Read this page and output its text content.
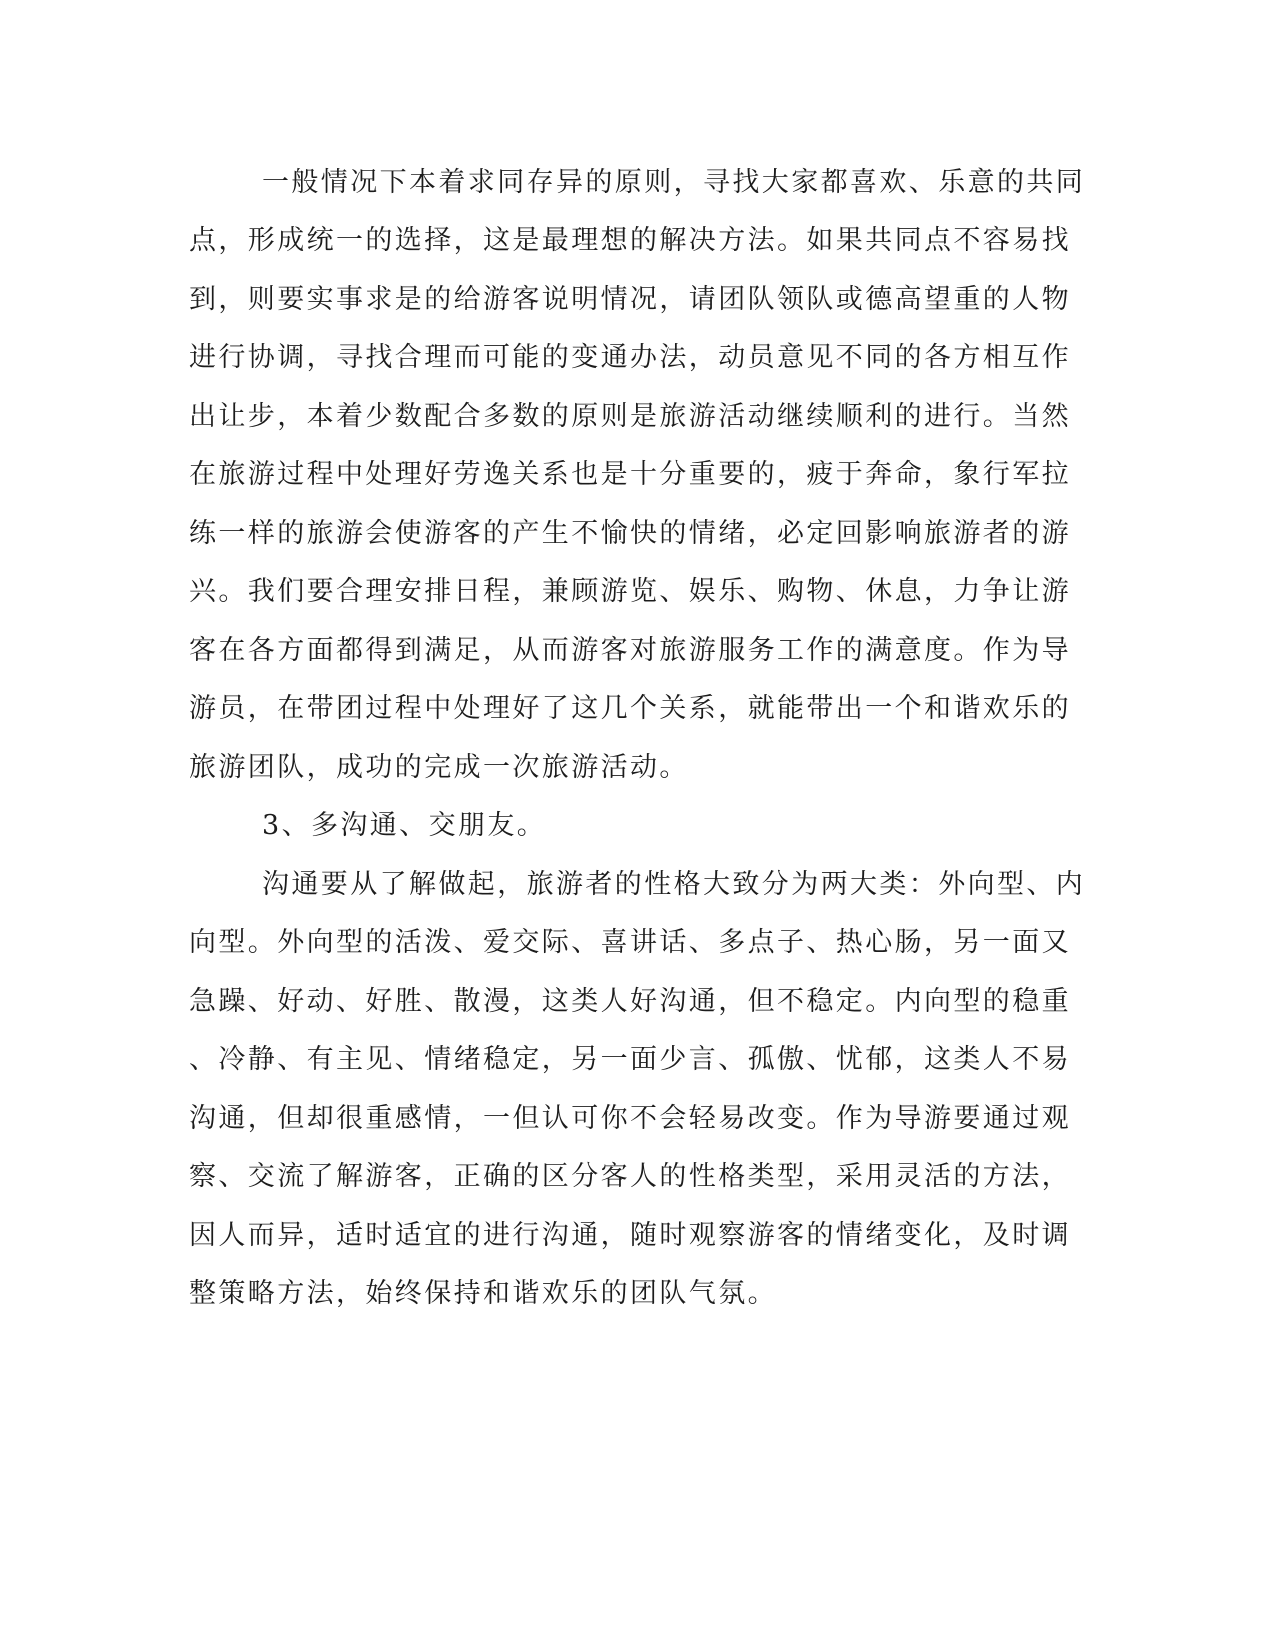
一般情况下本着求同存异的原则，寻找大家都喜欢、乐意的共同
点，形成统一的选择，这是最理想的解决方法。如果共同点不容易找
到，则要实事求是的给游客说明情况，请团队领队或德高望重的人物
进行协调，寻找合理而可能的变通办法，动员意见不同的各方相互作
出让步，本着少数配合多数的原则是旅游活动继续顺利的进行。当然
在旅游过程中处理好劳逸关系也是十分重要的，疲于奔命，象行军拉
练一样的旅游会使游客的产生不愉快的情绪，必定回影响旅游者的游
兴。我们要合理安排日程，兼顾游览、娱乐、购物、休息，力争让游
客在各方面都得到满足，从而游客对旅游服务工作的满意度。作为导
游员，在带团过程中处理好了这几个关系，就能带出一个和谐欢乐的
旅游团队，成功的完成一次旅游活动。
3、多沟通、交朋友。
沟通要从了解做起，旅游者的性格大致分为两大类：外向型、内
向型。外向型的活泼、爱交际、喜讲话、多点子、热心肠，另一面又
急躁、好动、好胜、散漫，这类人好沟通，但不稳定。内向型的稳重
、冷静、有主见、情绪稳定，另一面少言、孤傲、忧郁，这类人不易
沟通，但却很重感情，一但认可你不会轻易改变。作为导游要通过观
察、交流了解游客，正确的区分客人的性格类型，采用灵活的方法，
因人而异，适时适宜的进行沟通，随时观察游客的情绪变化，及时调
整策略方法，始终保持和谐欢乐的团队气氛。
